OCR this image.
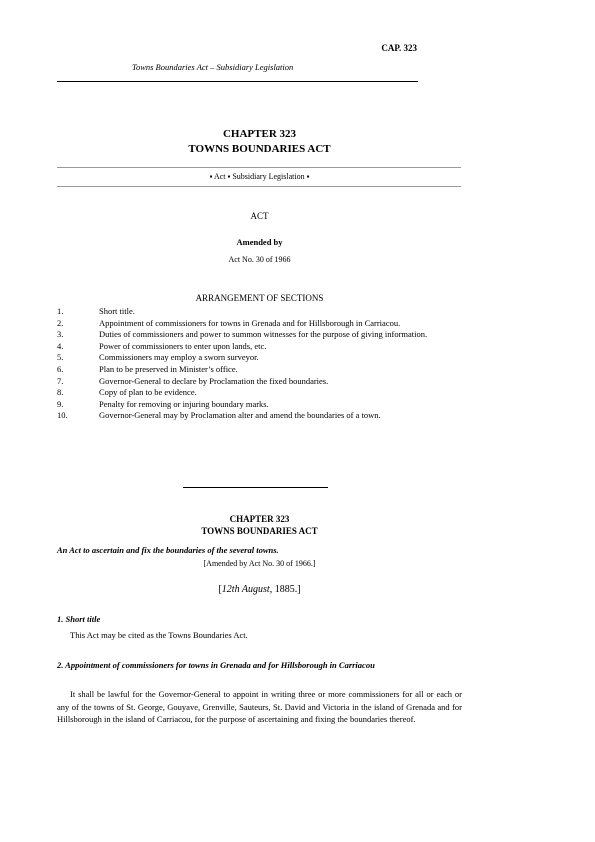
CAP. 323
Towns Boundaries Act – Subsidiary Legislation
CHAPTER 323
TOWNS BOUNDARIES ACT
▪ Act ▪ Subsidiary Legislation ▪
ACT
Amended by
Act No. 30 of 1966
ARRANGEMENT OF SECTIONS
1.	Short title.
2.	Appointment of commissioners for towns in Grenada and for Hillsborough in Carriacou.
3.	Duties of commissioners and power to summon witnesses for the purpose of giving information.
4.	Power of commissioners to enter upon lands, etc.
5.	Commissioners may employ a sworn surveyor.
6.	Plan to be preserved in Minister’s office.
7.	Governor-General to declare by Proclamation the fixed boundaries.
8.	Copy of plan to be evidence.
9.	Penalty for removing or injuring boundary marks.
10.	Governor-General may by Proclamation alter and amend the boundaries of a town.
CHAPTER 323
TOWNS BOUNDARIES ACT
An Act to ascertain and fix the boundaries of the several towns.
[Amended by Act No. 30 of 1966.]
[12th August, 1885.]
1. Short title
This Act may be cited as the Towns Boundaries Act.
2. Appointment of commissioners for towns in Grenada and for Hillsborough in Carriacou
It shall be lawful for the Governor-General to appoint in writing three or more commissioners for all or each or any of the towns of St. George, Gouyave, Grenville, Sauteurs, St. David and Victoria in the island of Grenada and for Hillsborough in the island of Carriacou, for the purpose of ascertaining and fixing the boundaries thereof.
